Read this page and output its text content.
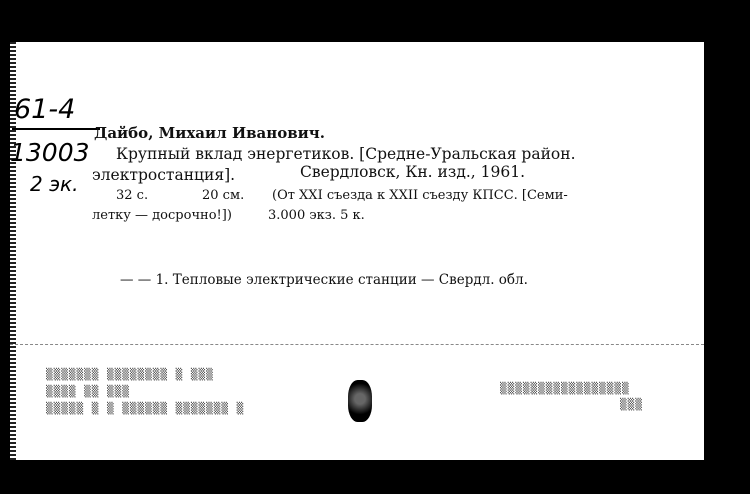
61-4
13003
2 эк.
Дайбо, Михаил Иванович.
Крупный вклад энергетиков. [Средне-Уральская район.
электростанция].	Свердловск, Кн. изд., 1961.
32 с.	20 см. (От XXI съезда к XXII съезду КПСС. [Семи-
летку — досрочно!])	3.000 экз. 5 к.
— — 1. Тепловые электрические станции — Свердл. обл.
▒▒▒▒▒▒▒ ▒▒▒▒▒▒▒▒ ▒ ▒▒▒
▒▒▒▒ ▒▒ ▒▒▒
▒▒▒▒▒ ▒ ▒ ▒▒▒▒▒▒ ▒▒▒▒▒▒▒ ▒
▒▒▒▒▒▒▒▒▒▒▒▒▒▒▒▒▒
▒▒▒
